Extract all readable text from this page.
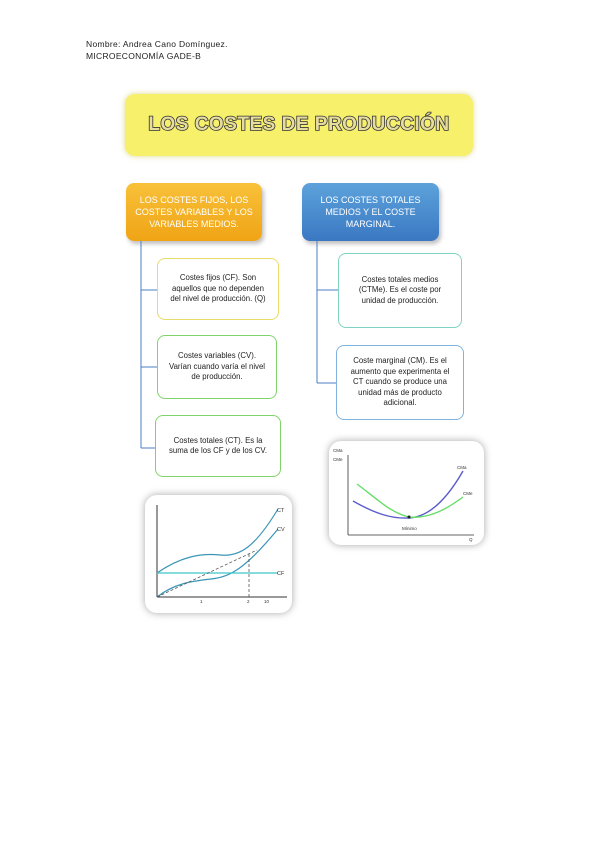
Nombre: Andrea Cano Domínguez.
MICROECONOMÍA GADE-B
LOS COSTES DE PRODUCCIÓN
LOS COSTES FIJOS, LOS COSTES VARIABLES Y LOS VARIABLES MEDIOS.
LOS COSTES TOTALES MEDIOS Y EL COSTE MARGINAL.
Costes fijos (CF). Son aquellos que no dependen del nivel de producción. (Q)
Costes variables (CV). Varían cuando varía el nivel de producción.
Costes totales (CT). Es la suma de los CF y de los CV.
Costes totales medios (CTMe). Es el coste por unidad de producción.
Coste marginal (CM). Es el aumento que experimenta el CT cuando se produce una unidad más de producto adicional.
CT
CV
CF
1	2	10
CMa
CMe
CMa
CMe
Mínimo
Q
